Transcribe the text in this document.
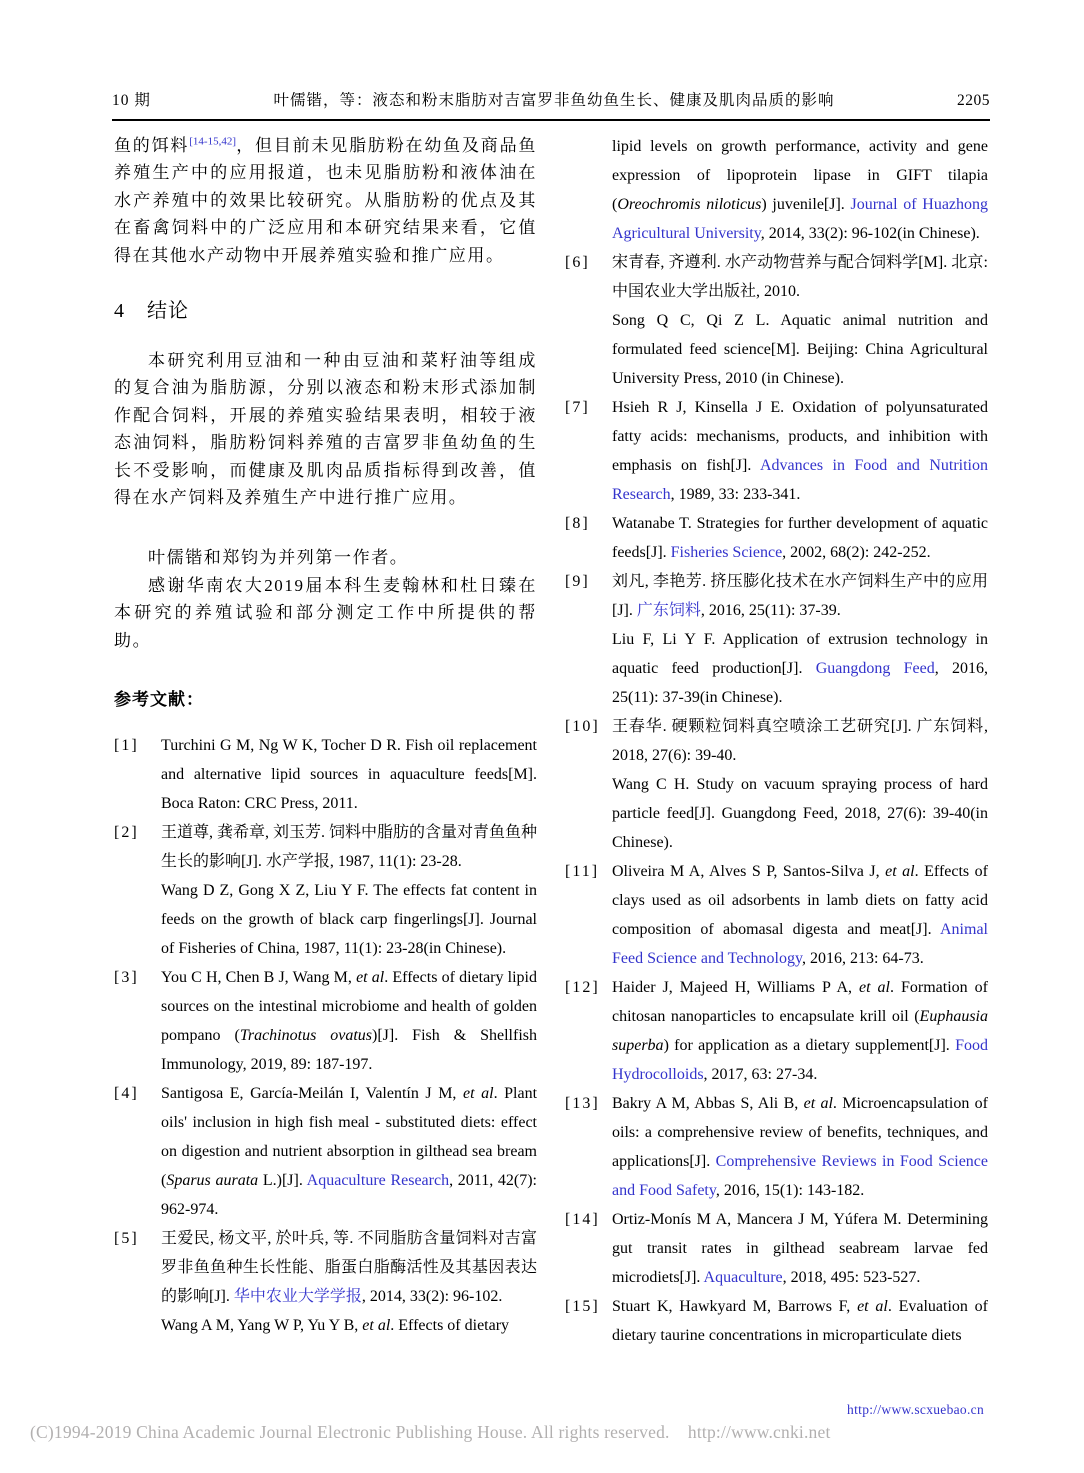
10 期	叶儒锴，等：液态和粉末脂肪对吉富罗非鱼幼鱼生长、健康及肌肉品质的影响	2205

鱼的饵料[14-15,42]，但目前未见脂肪粉在幼鱼及商品鱼养殖生产中的应用报道，也未见脂肪粉和液体油在水产养殖中的效果比较研究。从脂肪粉的优点及其在畜禽饲料中的广泛应用和本研究结果来看，它值得在其他水产动物中开展养殖实验和推广应用。

4 结论

本研究利用豆油和一种由豆油和菜籽油等组成的复合油为脂肪源，分别以液态和粉末形式添加制作配合饲料，开展的养殖实验结果表明，相较于液态油饲料，脂肪粉饲料养殖的吉富罗非鱼幼鱼的生长不受影响，而健康及肌肉品质指标得到改善，值得在水产饲料及养殖生产中进行推广应用。

叶儒锴和郑钧为并列第一作者。

感谢华南农大2019届本科生麦翰林和杜日臻在本研究的养殖试验和部分测定工作中所提供的帮助。

参考文献：
[1]	Turchini G M, Ng W K, Tocher D R. Fish oil replacement and alternative lipid sources in aquaculture feeds[M]. Boca Raton: CRC Press, 2011.
[2]	王道尊, 龚希章, 刘玉芳. 饲料中脂肪的含量对青鱼鱼种生长的影响[J]. 水产学报, 1987, 11(1): 23-28.
Wang D Z, Gong X Z, Liu Y F. The effects fat content in feeds on the growth of black carp fingerlings[J]. Journal of Fisheries of China, 1987, 11(1): 23-28(in Chinese).
[3]	You C H, Chen B J, Wang M, et al. Effects of dietary lipid sources on the intestinal microbiome and health of golden pompano (Trachinotus ovatus)[J]. Fish & Shellfish Immunology, 2019, 89: 187-197.
[4]	Santigosa E, García-Meilán I, Valentín J M, et al. Plant oils' inclusion in high fish meal - substituted diets: effect on digestion and nutrient absorption in gilthead sea bream (Sparus aurata L.)[J]. Aquaculture Research, 2011, 42(7): 962-974.
[5]	王爱民, 杨文平, 於叶兵, 等. 不同脂肪含量饲料对吉富罗非鱼鱼种生长性能、脂蛋白脂酶活性及其基因表达的影响[J]. 华中农业大学学报, 2014, 33(2): 96-102.
Wang A M, Yang W P, Yu Y B, et al. Effects of dietary
lipid levels on growth performance, activity and gene expression of lipoprotein lipase in GIFT tilapia (Oreochromis niloticus) juvenile[J]. Journal of Huazhong Agricultural University, 2014, 33(2): 96-102(in Chinese).
[6]	宋青春, 齐遵利. 水产动物营养与配合饲料学[M]. 北京: 中国农业大学出版社, 2010.
Song Q C, Qi Z L. Aquatic animal nutrition and formulated feed science[M]. Beijing: China Agricultural University Press, 2010 (in Chinese).
[7]	Hsieh R J, Kinsella J E. Oxidation of polyunsaturated fatty acids: mechanisms, products, and inhibition with emphasis on fish[J]. Advances in Food and Nutrition Research, 1989, 33: 233-341.
[8]	Watanabe T. Strategies for further development of aquatic feeds[J]. Fisheries Science, 2002, 68(2): 242-252.
[9]	刘凡, 李艳芳. 挤压膨化技术在水产饲料生产中的应用[J]. 广东饲料, 2016, 25(11): 37-39.
Liu F, Li Y F. Application of extrusion technology in aquatic feed production[J]. Guangdong Feed, 2016, 25(11): 37-39(in Chinese).
[10] 王春华. 硬颗粒饲料真空喷涂工艺研究[J]. 广东饲料, 2018, 27(6): 39-40.
Wang C H. Study on vacuum spraying process of hard particle feed[J]. Guangdong Feed, 2018, 27(6): 39-40(in Chinese).
[11] Oliveira M A, Alves S P, Santos-Silva J, et al. Effects of clays used as oil adsorbents in lamb diets on fatty acid composition of abomasal digesta and meat[J]. Animal Feed Science and Technology, 2016, 213: 64-73.
[12] Haider J, Majeed H, Williams P A, et al. Formation of chitosan nanoparticles to encapsulate krill oil (Euphausia superba) for application as a dietary supplement[J]. Food Hydrocolloids, 2017, 63: 27-34.
[13] Bakry A M, Abbas S, Ali B, et al. Microencapsulation of oils: a comprehensive review of benefits, techniques, and applications[J]. Comprehensive Reviews in Food Science and Food Safety, 2016, 15(1): 143-182.
[14] Ortiz-Monís M A, Mancera J M, Yúfera M. Determining gut transit rates in gilthead seabream larvae fed microdiets[J]. Aquaculture, 2018, 495: 523-527.
[15] Stuart K, Hawkyard M, Barrows F, et al. Evaluation of dietary taurine concentrations in microparticulate diets
http://www.scxuebao.cn
(C)1994-2019 China Academic Journal Electronic Publishing House. All rights reserved.    http://www.cnki.net
